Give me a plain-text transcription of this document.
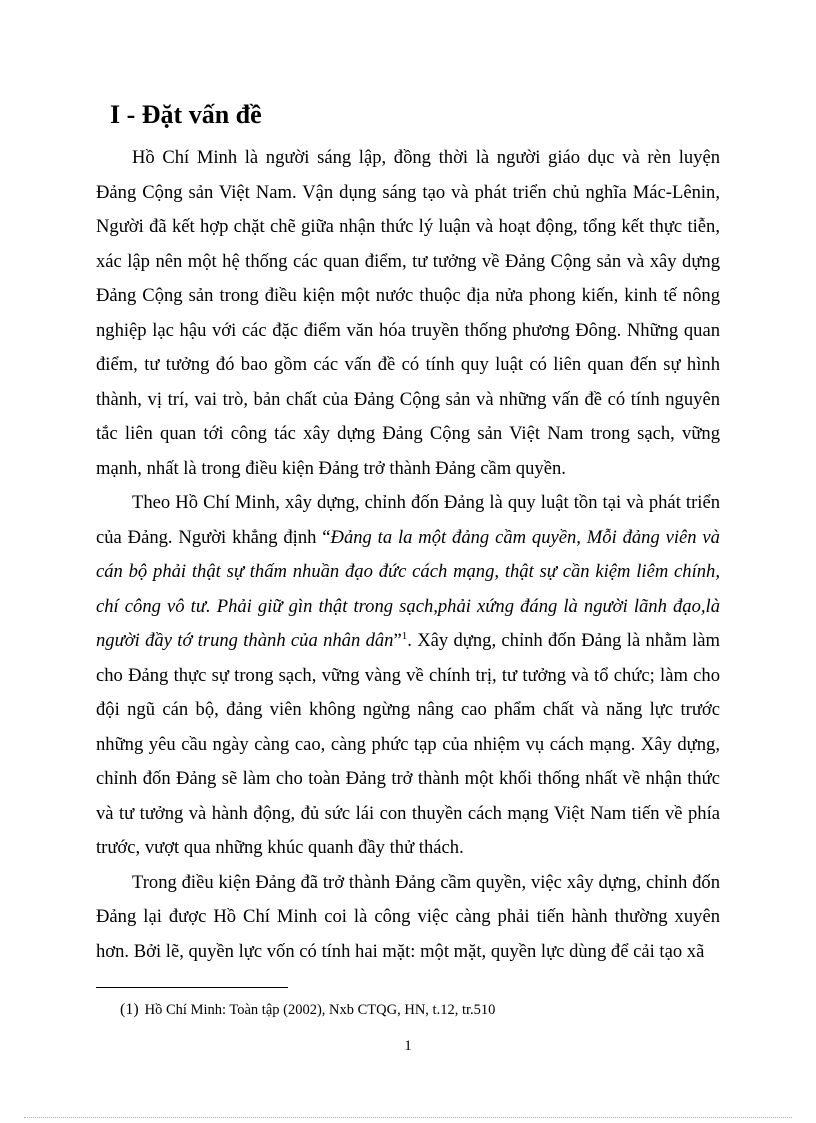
I - Đặt vấn đề

Hồ Chí Minh là người sáng lập, đồng thời là người giáo dục và rèn luyện Đảng Cộng sản Việt Nam. Vận dụng sáng tạo và phát triển chủ nghĩa Mác-Lênin, Người đã kết hợp chặt chẽ giữa nhận thức lý luận và hoạt động, tổng kết thực tiễn, xác lập nên một hệ thống các quan điểm, tư tưởng về Đảng Cộng sản và xây dựng Đảng Cộng sản trong điều kiện một nước thuộc địa nửa phong kiến, kinh tế nông nghiệp lạc hậu với các đặc điểm văn hóa truyền thống phương Đông. Những quan điểm, tư tưởng đó bao gồm các vấn đề có tính quy luật có liên quan đến sự hình thành, vị trí, vai trò, bản chất của Đảng Cộng sản và những vấn đề có tính nguyên tắc liên quan tới công tác xây dựng Đảng Cộng sản Việt Nam trong sạch, vững mạnh, nhất là trong điều kiện Đảng trở thành Đảng cầm quyền.

Theo Hồ Chí Minh, xây dựng, chỉnh đốn Đảng là quy luật tồn tại và phát triển của Đảng. Người khẳng định “Đảng ta la một đảng cầm quyền, Mỗi đảng viên và cán bộ phải thật sự thấm nhuần đạo đức cách mạng, thật sự cần kiệm liêm chính, chí công vô tư. Phải giữ gìn thật trong sạch,phải xứng đáng là người lãnh đạo,là người đầy tớ trung thành của nhân dân”$^1$. Xây dựng, chỉnh đốn Đảng là nhằm làm cho Đảng thực sự trong sạch, vững vàng về chính trị, tư tưởng và tổ chức; làm cho đội ngũ cán bộ, đảng viên không ngừng nâng cao phẩm chất và năng lực trước những yêu cầu ngày càng cao, càng phức tạp của nhiệm vụ cách mạng. Xây dựng, chỉnh đốn Đảng sẽ làm cho toàn Đảng trở thành một khối thống nhất về nhận thức và tư tưởng và hành động, đủ sức lái con thuyền cách mạng Việt Nam tiến về phía trước, vượt qua những khúc quanh đầy thử thách.

Trong điều kiện Đảng đã trở thành Đảng cầm quyền, việc xây dựng, chỉnh đốn Đảng lại được Hồ Chí Minh coi là công việc càng phải tiến hành thường xuyên hơn. Bởi lẽ, quyền lực vốn có tính hai mặt: một mặt, quyền lực dùng để cải tạo xã

(1) Hồ Chí Minh: Toàn tập (2002), Nxb CTQG, HN, t.12, tr.510
1
